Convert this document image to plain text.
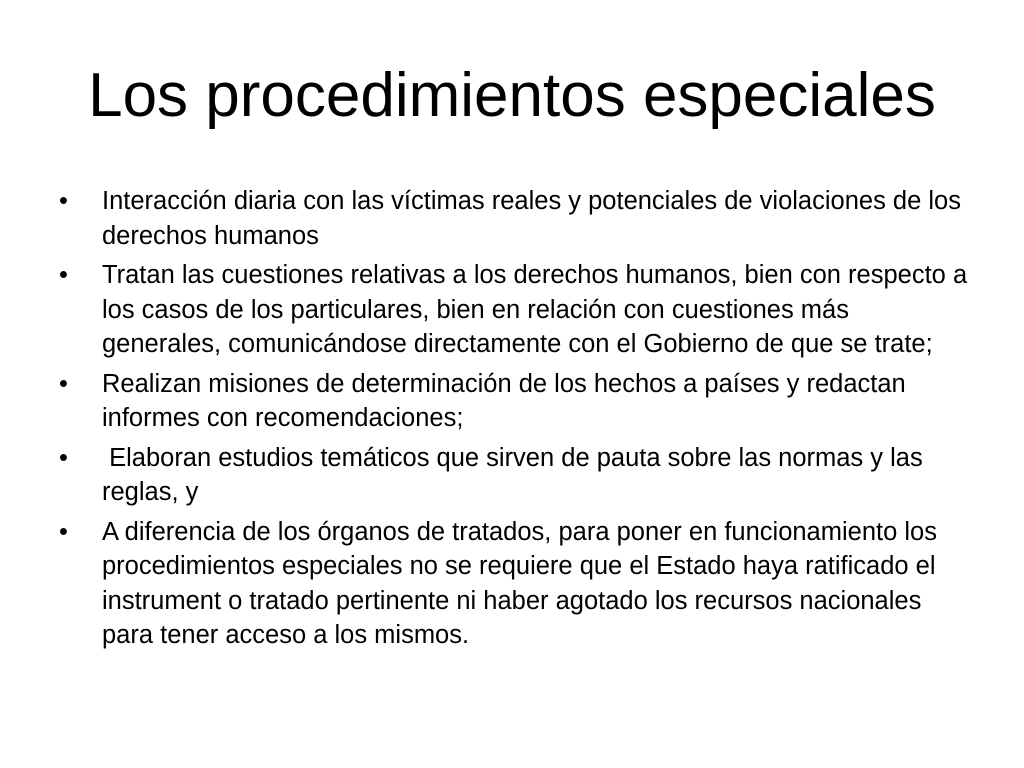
Los procedimientos especiales
•	Interacción diaria con las víctimas reales y potenciales de violaciones de los derechos humanos
•	Tratan las cuestiones relativas a los derechos humanos, bien con respecto a los casos de los particulares, bien en relación con cuestiones más generales, comunicándose directamente con el Gobierno de que se trate;
•	Realizan misiones de determinación de los hechos a países y redactan informes con recomendaciones;
•	Elaboran estudios temáticos que sirven de pauta sobre las normas y las reglas, y
•	A diferencia de los órganos de tratados, para poner en funcionamiento los procedimientos especiales no se requiere que el Estado haya ratificado el instrument o tratado pertinente ni haber agotado los recursos nacionales para tener acceso a los mismos.
